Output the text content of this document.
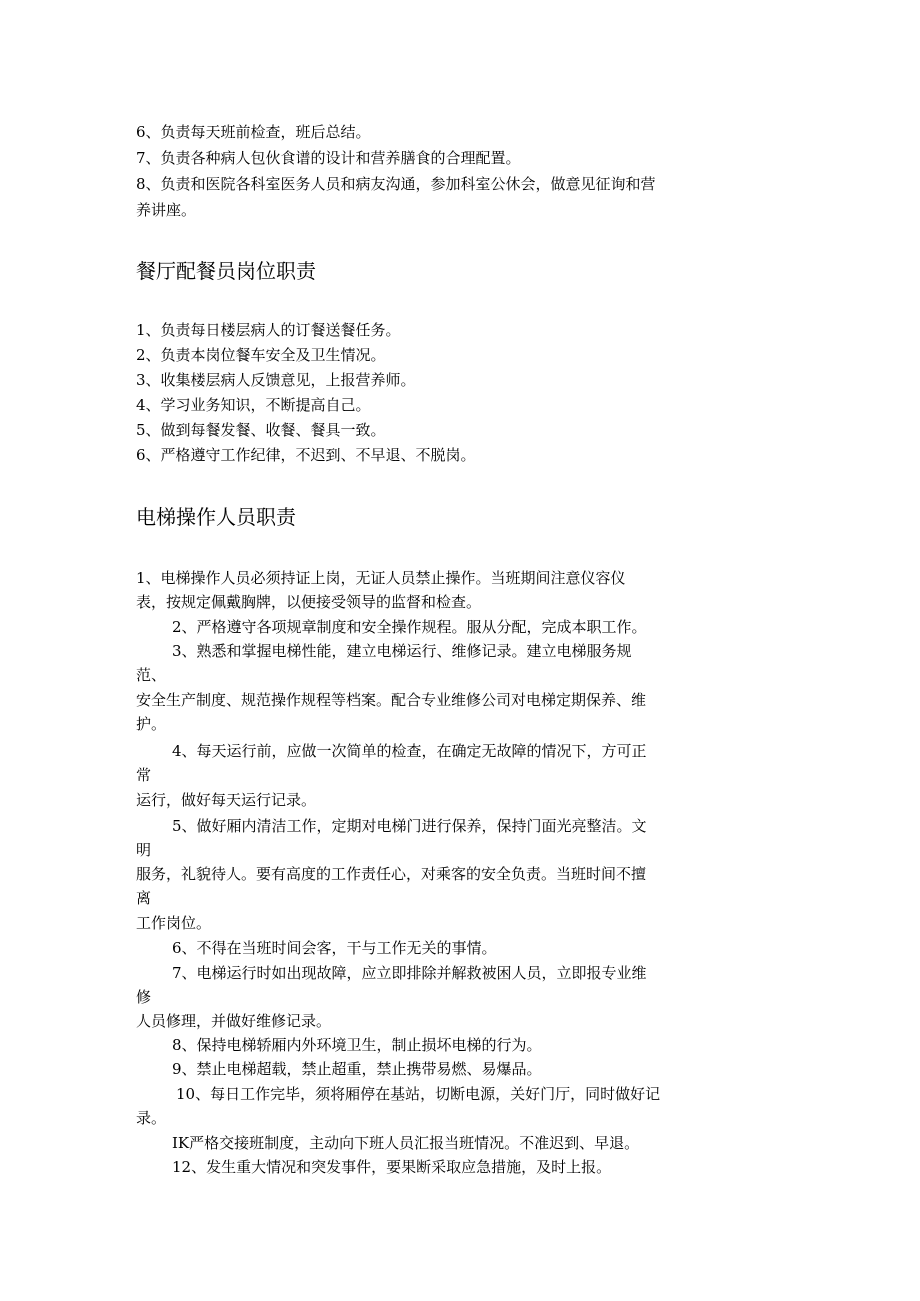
6、负责每天班前检查，班后总结。
7、负责各种病人包伙食谱的设计和营养膳食的合理配置。
8、负责和医院各科室医务人员和病友沟通，参加科室公休会，做意见征询和营
养讲座。
餐厅配餐员岗位职责
1、负责每日楼层病人的订餐送餐任务。
2、负责本岗位餐车安全及卫生情况。
3、收集楼层病人反馈意见，上报营养师。
4、学习业务知识，不断提高自己。
5、做到每餐发餐、收餐、餐具一致。
6、严格遵守工作纪律，不迟到、不早退、不脱岗。
电梯操作人员职责
1、电梯操作人员必须持证上岗，无证人员禁止操作。当班期间注意仪容仪
表，按规定佩戴胸牌，以便接受领导的监督和检查。
2、严格遵守各项规章制度和安全操作规程。服从分配，完成本职工作。
3、熟悉和掌握电梯性能，建立电梯运行、维修记录。建立电梯服务规
范、
安全生产制度、规范操作规程等档案。配合专业维修公司对电梯定期保养、维
护。
4、每天运行前，应做一次简单的检查，在确定无故障的情况下，方可正
常
运行，做好每天运行记录。
5、做好厢内清洁工作，定期对电梯门进行保养，保持门面光亮整洁。文
明
服务，礼貌待人。要有高度的工作责任心，对乘客的安全负责。当班时间不擅
离
工作岗位。
6、不得在当班时间会客，干与工作无关的事情。
7、电梯运行时如出现故障，应立即排除并解救被困人员，立即报专业维
修
人员修理，并做好维修记录。
8、保持电梯轿厢内外环境卫生，制止损坏电梯的行为。
9、禁止电梯超载，禁止超重，禁止携带易燃、易爆品。
10、每日工作完毕，须将厢停在基站，切断电源，关好门厅，同时做好记
录。
IK严格交接班制度，主动向下班人员汇报当班情况。不准迟到、早退。
12、发生重大情况和突发事件，要果断采取应急措施，及时上报。
